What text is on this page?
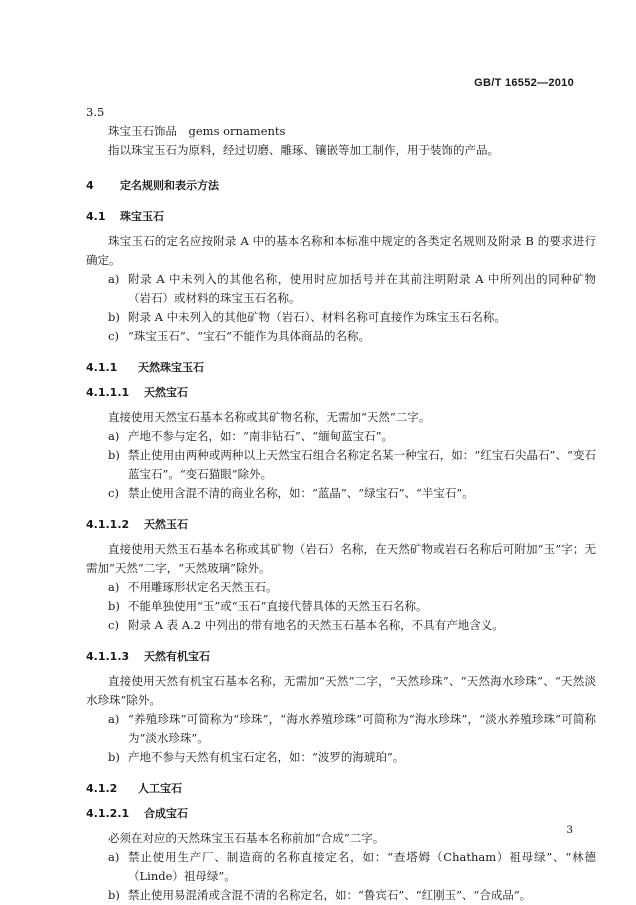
GB/T 16552—2010
3.5
珠宝玉石饰品　gems ornaments
指以珠宝玉石为原料，经过切磨、雕琢、镶嵌等加工制作，用于装饰的产品。
4 定名规则和表示方法
4.1 珠宝玉石
珠宝玉石的定名应按附录 A 中的基本名称和本标准中规定的各类定名规则及附录 B 的要求进行确定。
a) 附录 A 中未列入的其他名称，使用时应加括号并在其前注明附录 A 中所列出的同种矿物（岩石）或材料的珠宝玉石名称。
b) 附录 A 中未列入的其他矿物（岩石）、材料名称可直接作为珠宝玉石名称。
c) “珠宝玉石”、“宝石”不能作为具体商品的名称。
4.1.1 天然珠宝玉石
4.1.1.1 天然宝石
直接使用天然宝石基本名称或其矿物名称，无需加“天然”二字。
a) 产地不参与定名，如：“南非钻石”、“缅甸蓝宝石”。
b) 禁止使用由两种或两种以上天然宝石组合名称定名某一种宝石，如：“红宝石尖晶石”、“变石蓝宝石”。“变石猫眼”除外。
c) 禁止使用含混不清的商业名称，如：“蓝晶”、“绿宝石”、“半宝石”。
4.1.1.2 天然玉石
直接使用天然玉石基本名称或其矿物（岩石）名称，在天然矿物或岩石名称后可附加“玉”字；无需加“天然”二字，“天然玻璃”除外。
a) 不用雕琢形状定名天然玉石。
b) 不能单独使用“玉”或“玉石”直接代替具体的天然玉石名称。
c) 附录 A 表 A.2 中列出的带有地名的天然玉石基本名称，不具有产地含义。
4.1.1.3 天然有机宝石
直接使用天然有机宝石基本名称，无需加“天然”二字，“天然珍珠”、“天然海水珍珠”、“天然淡水珍珠”除外。
a) “养殖珍珠”可简称为“珍珠”，“海水养殖珍珠”可简称为“海水珍珠”，“淡水养殖珍珠”可简称为“淡水珍珠”。
b) 产地不参与天然有机宝石定名，如：“波罗的海琥珀”。
4.1.2 人工宝石
4.1.2.1 合成宝石
必须在对应的天然珠宝玉石基本名称前加“合成”二字。
a) 禁止使用生产厂、制造商的名称直接定名，如：“查塔姆（Chatham）祖母绿”、“林德（Linde）祖母绿”。
b) 禁止使用易混淆或含混不清的名称定名，如：“鲁宾石”、“红刚玉”、“合成品”。
3
